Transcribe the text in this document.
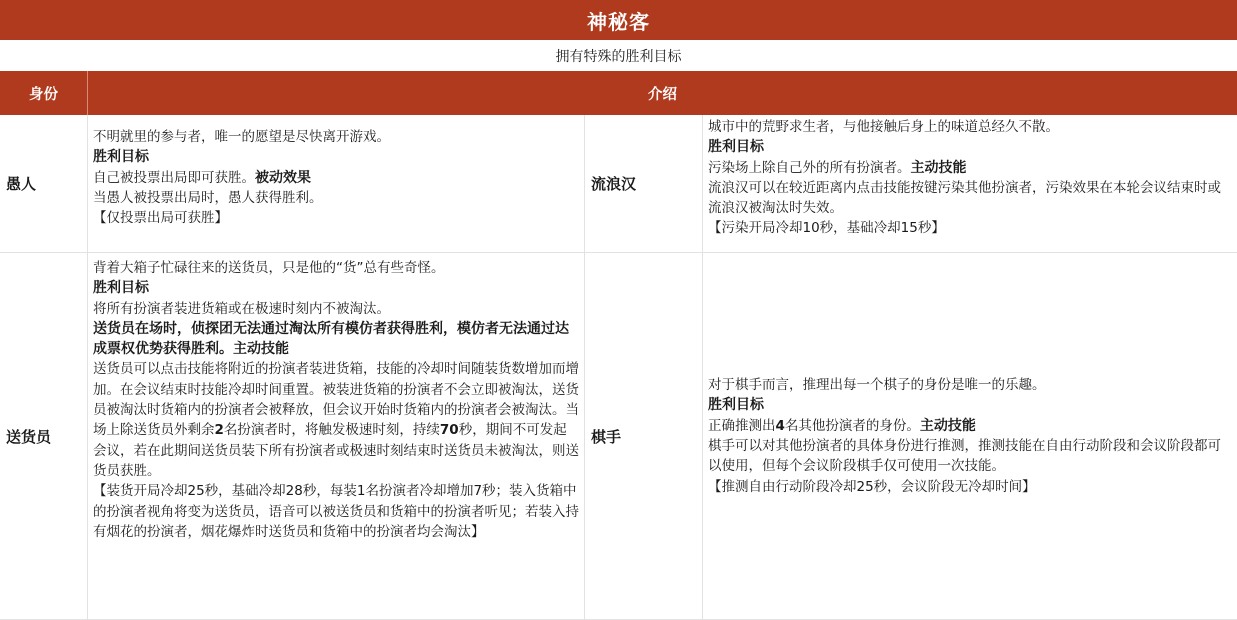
神秘客
拥有特殊的胜利目标
身份	介绍
愚人
不明就里的参与者，唯一的愿望是尽快离开游戏。
胜利目标
自己被投票出局即可获胜。被动效果
当愚人被投票出局时，愚人获得胜利。
【仅投票出局可获胜】
流浪汉
城市中的荒野求生者，与他接触后身上的味道总经久不散。
胜利目标
污染场上除自己外的所有扮演者。主动技能
流浪汉可以在较近距离内点击技能按键污染其他扮演者，污染效果在本轮会议结束时或流浪汉被淘汰时失效。
【污染开局冷却10秒，基础冷却15秒】
送货员
背着大箱子忙碌往来的送货员，只是他的“货”总有些奇怪。
胜利目标
将所有扮演者装进货箱或在极速时刻内不被淘汰。
送货员在场时，侦探团无法通过淘汰所有模仿者获得胜利，模仿者无法通过达成票权优势获得胜利。主动技能
送货员可以点击技能将附近的扮演者装进货箱，技能的冷却时间随装货数增加而增加。在会议结束时技能冷却时间重置。被装进货箱的扮演者不会立即被淘汰，送货员被淘汰时货箱内的扮演者会被释放，但会议开始时货箱内的扮演者会被淘汰。当场上除送货员外剩余2名扮演者时，将触发极速时刻，持续70秒，期间不可发起会议，若在此期间送货员装下所有扮演者或极速时刻结束时送货员未被淘汰，则送货员获胜。
【装货开局冷却25秒，基础冷却28秒，每装1名扮演者冷却增加7秒；装入货箱中的扮演者视角将变为送货员，语音可以被送货员和货箱中的扮演者听见；若装入持有烟花的扮演者，烟花爆炸时送货员和货箱中的扮演者均会淘汰】
棋手
对于棋手而言，推理出每一个棋子的身份是唯一的乐趣。
胜利目标
正确推测出4名其他扮演者的身份。主动技能
棋手可以对其他扮演者的具体身份进行推测，推测技能在自由行动阶段和会议阶段都可以使用，但每个会议阶段棋手仅可使用一次技能。
【推测自由行动阶段冷却25秒，会议阶段无冷却时间】
